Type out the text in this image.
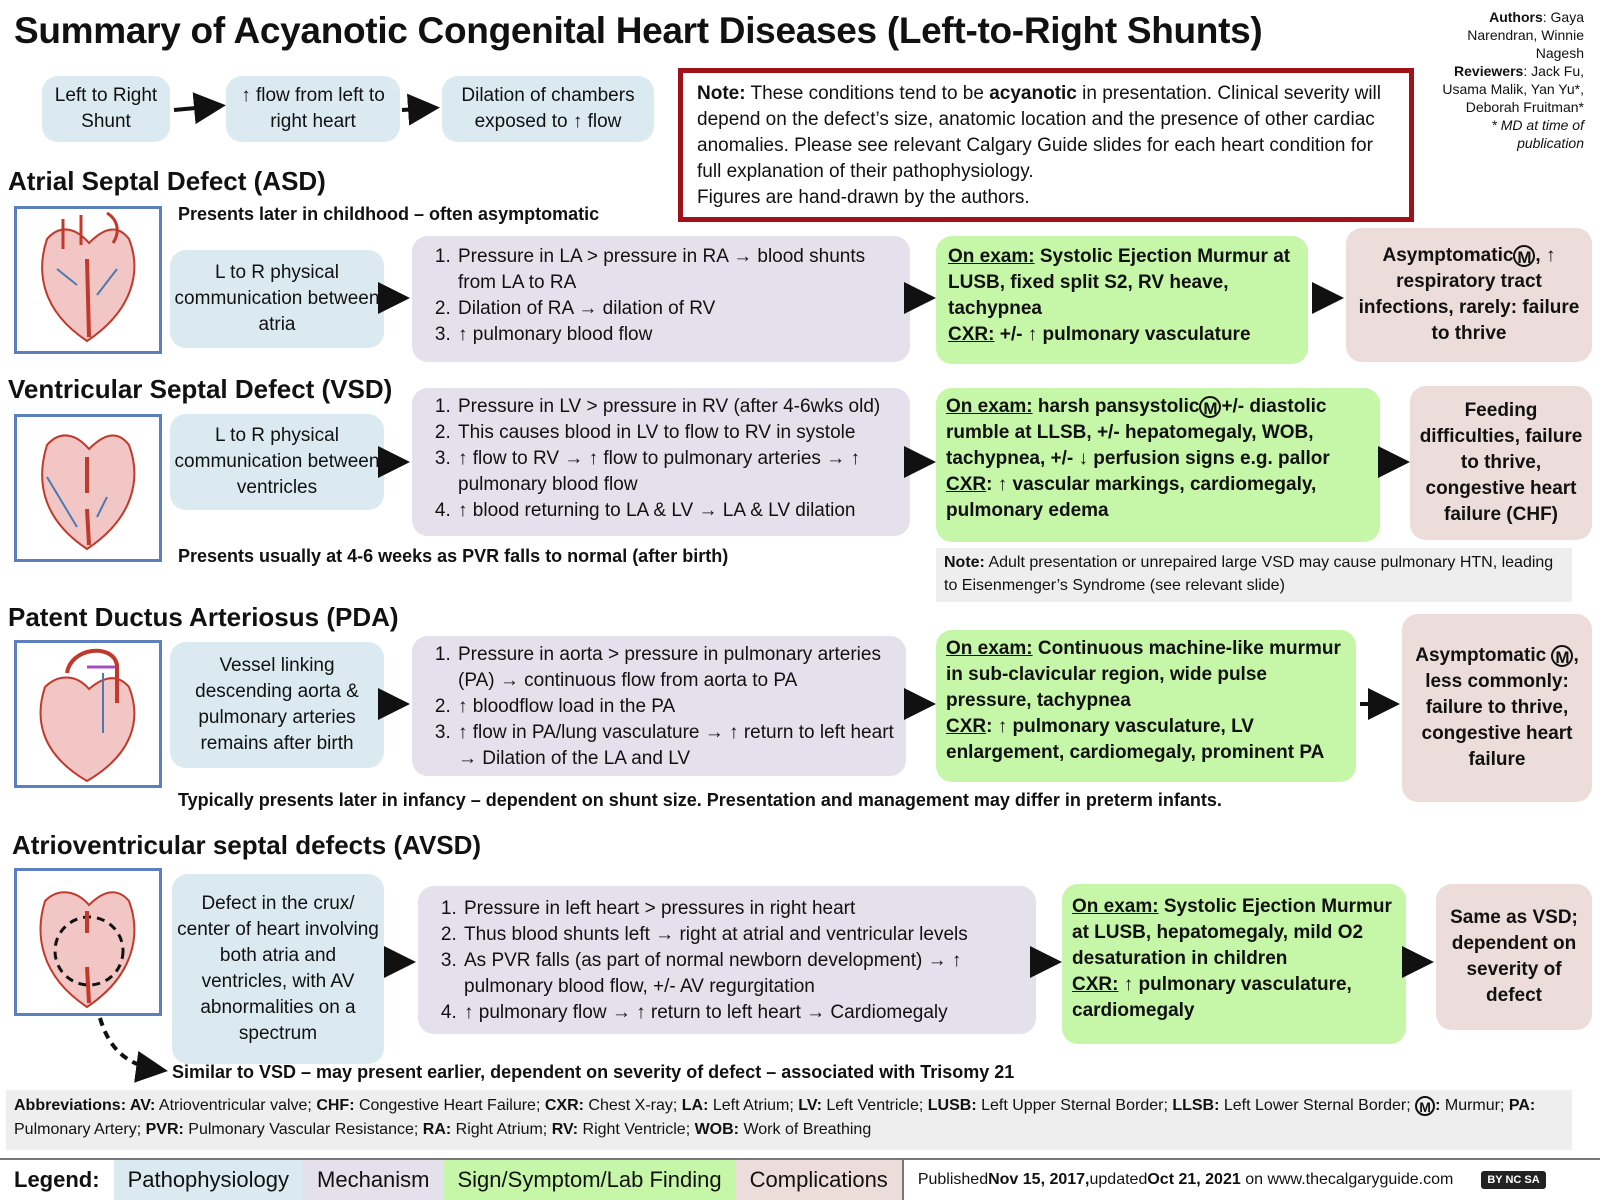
Summary of Acyanotic Congenital Heart Diseases (Left-to-Right Shunts)	Authors: Gaya Narendran, Winnie Nagesh
Reviewers: Jack Fu, Usama Malik, Yan Yu*, Deborah Fruitman*
* MD at time of publication
Left to Right Shunt
↑ flow from left to right heart
Dilation of chambers exposed to ↑ flow
Note: These conditions tend to be acyanotic in presentation. Clinical severity will depend on the defect’s size, anatomic location and the presence of other cardiac anomalies. Please see relevant Calgary Guide slides for each heart condition for full explanation of their pathophysiology.
Figures are hand-drawn by the authors.
Atrial Septal Defect (ASD)
Presents later in childhood – often asymptomatic
L to R physical communication between atria
1. Pressure in LA > pressure in RA → blood shunts from LA to RA
2. Dilation of RA → dilation of RV
3. ↑ pulmonary blood flow
On exam: Systolic Ejection Murmur at LUSB, fixed split S2, RV heave, tachypnea
CXR: +/- ↑ pulmonary vasculature
Asymptomatic M , ↑ respiratory tract infections, rarely: failure to thrive
Ventricular Septal Defect (VSD)
L to R physical communication between ventricles
1. Pressure in LV > pressure in RV (after 4-6wks old)
2. This causes blood in LV to flow to RV in systole
3. ↑ flow to RV → ↑ flow to pulmonary arteries → ↑ pulmonary blood flow
4. ↑ blood returning to LA & LV → LA & LV dilation
Presents usually at 4-6 weeks as PVR falls to normal (after birth)
On exam: harsh pansystolic M +/- diastolic rumble at LLSB, +/- hepatomegaly, WOB, tachypnea, +/- ↓ perfusion signs e.g. pallor
CXR: ↑ vascular markings, cardiomegaly, pulmonary edema
Feeding difficulties, failure to thrive, congestive heart failure (CHF)
Note: Adult presentation or unrepaired large VSD may cause pulmonary HTN, leading to Eisenmenger’s Syndrome (see relevant slide)
Patent Ductus Arteriosus (PDA)
Vessel linking descending aorta & pulmonary arteries remains after birth
1. Pressure in aorta > pressure in pulmonary arteries (PA) → continuous flow from aorta to PA
2. ↑ bloodflow load in the PA
3. ↑ flow in PA/lung vasculature → ↑ return to left heart → Dilation of the LA and LV
On exam: Continuous machine-like murmur in sub-clavicular region, wide pulse pressure, tachypnea
CXR: ↑ pulmonary vasculature, LV enlargement, cardiomegaly, prominent PA
Asymptomatic M , less commonly: failure to thrive, congestive heart failure
Typically presents later in infancy – dependent on shunt size. Presentation and management may differ in preterm infants.
Atrioventricular septal defects (AVSD)
Defect in the crux/ center of heart involving both atria and ventricles, with AV abnormalities on a spectrum
1. Pressure in left heart > pressures in right heart
2. Thus blood shunts left → right at atrial and ventricular levels
3. As PVR falls (as part of normal newborn development) → ↑ pulmonary blood flow, +/- AV regurgitation
4. ↑ pulmonary flow → ↑ return to left heart → Cardiomegaly
On exam: Systolic Ejection Murmur at LUSB, hepatomegaly, mild O2 desaturation in children
CXR: ↑ pulmonary vasculature, cardiomegaly
Same as VSD; dependent on severity of defect
Similar to VSD – may present earlier, dependent on severity of defect – associated with Trisomy 21
Abbreviations: AV: Atrioventricular valve; CHF: Congestive Heart Failure; CXR: Chest X-ray; LA: Left Atrium; LV: Left Ventricle; LUSB: Left Upper Sternal Border; LLSB: Left Lower Sternal Border; M : Murmur; PA: Pulmonary Artery; PVR: Pulmonary Vascular Resistance; RA: Right Atrium; RV: Right Ventricle; WOB: Work of Breathing
Legend:	Pathophysiology	Mechanism	Sign/Symptom/Lab Finding	Complications	Published Nov 15, 2017, updated Oct 21, 2021 on www.thecalgaryguide.com	BY NC SA
